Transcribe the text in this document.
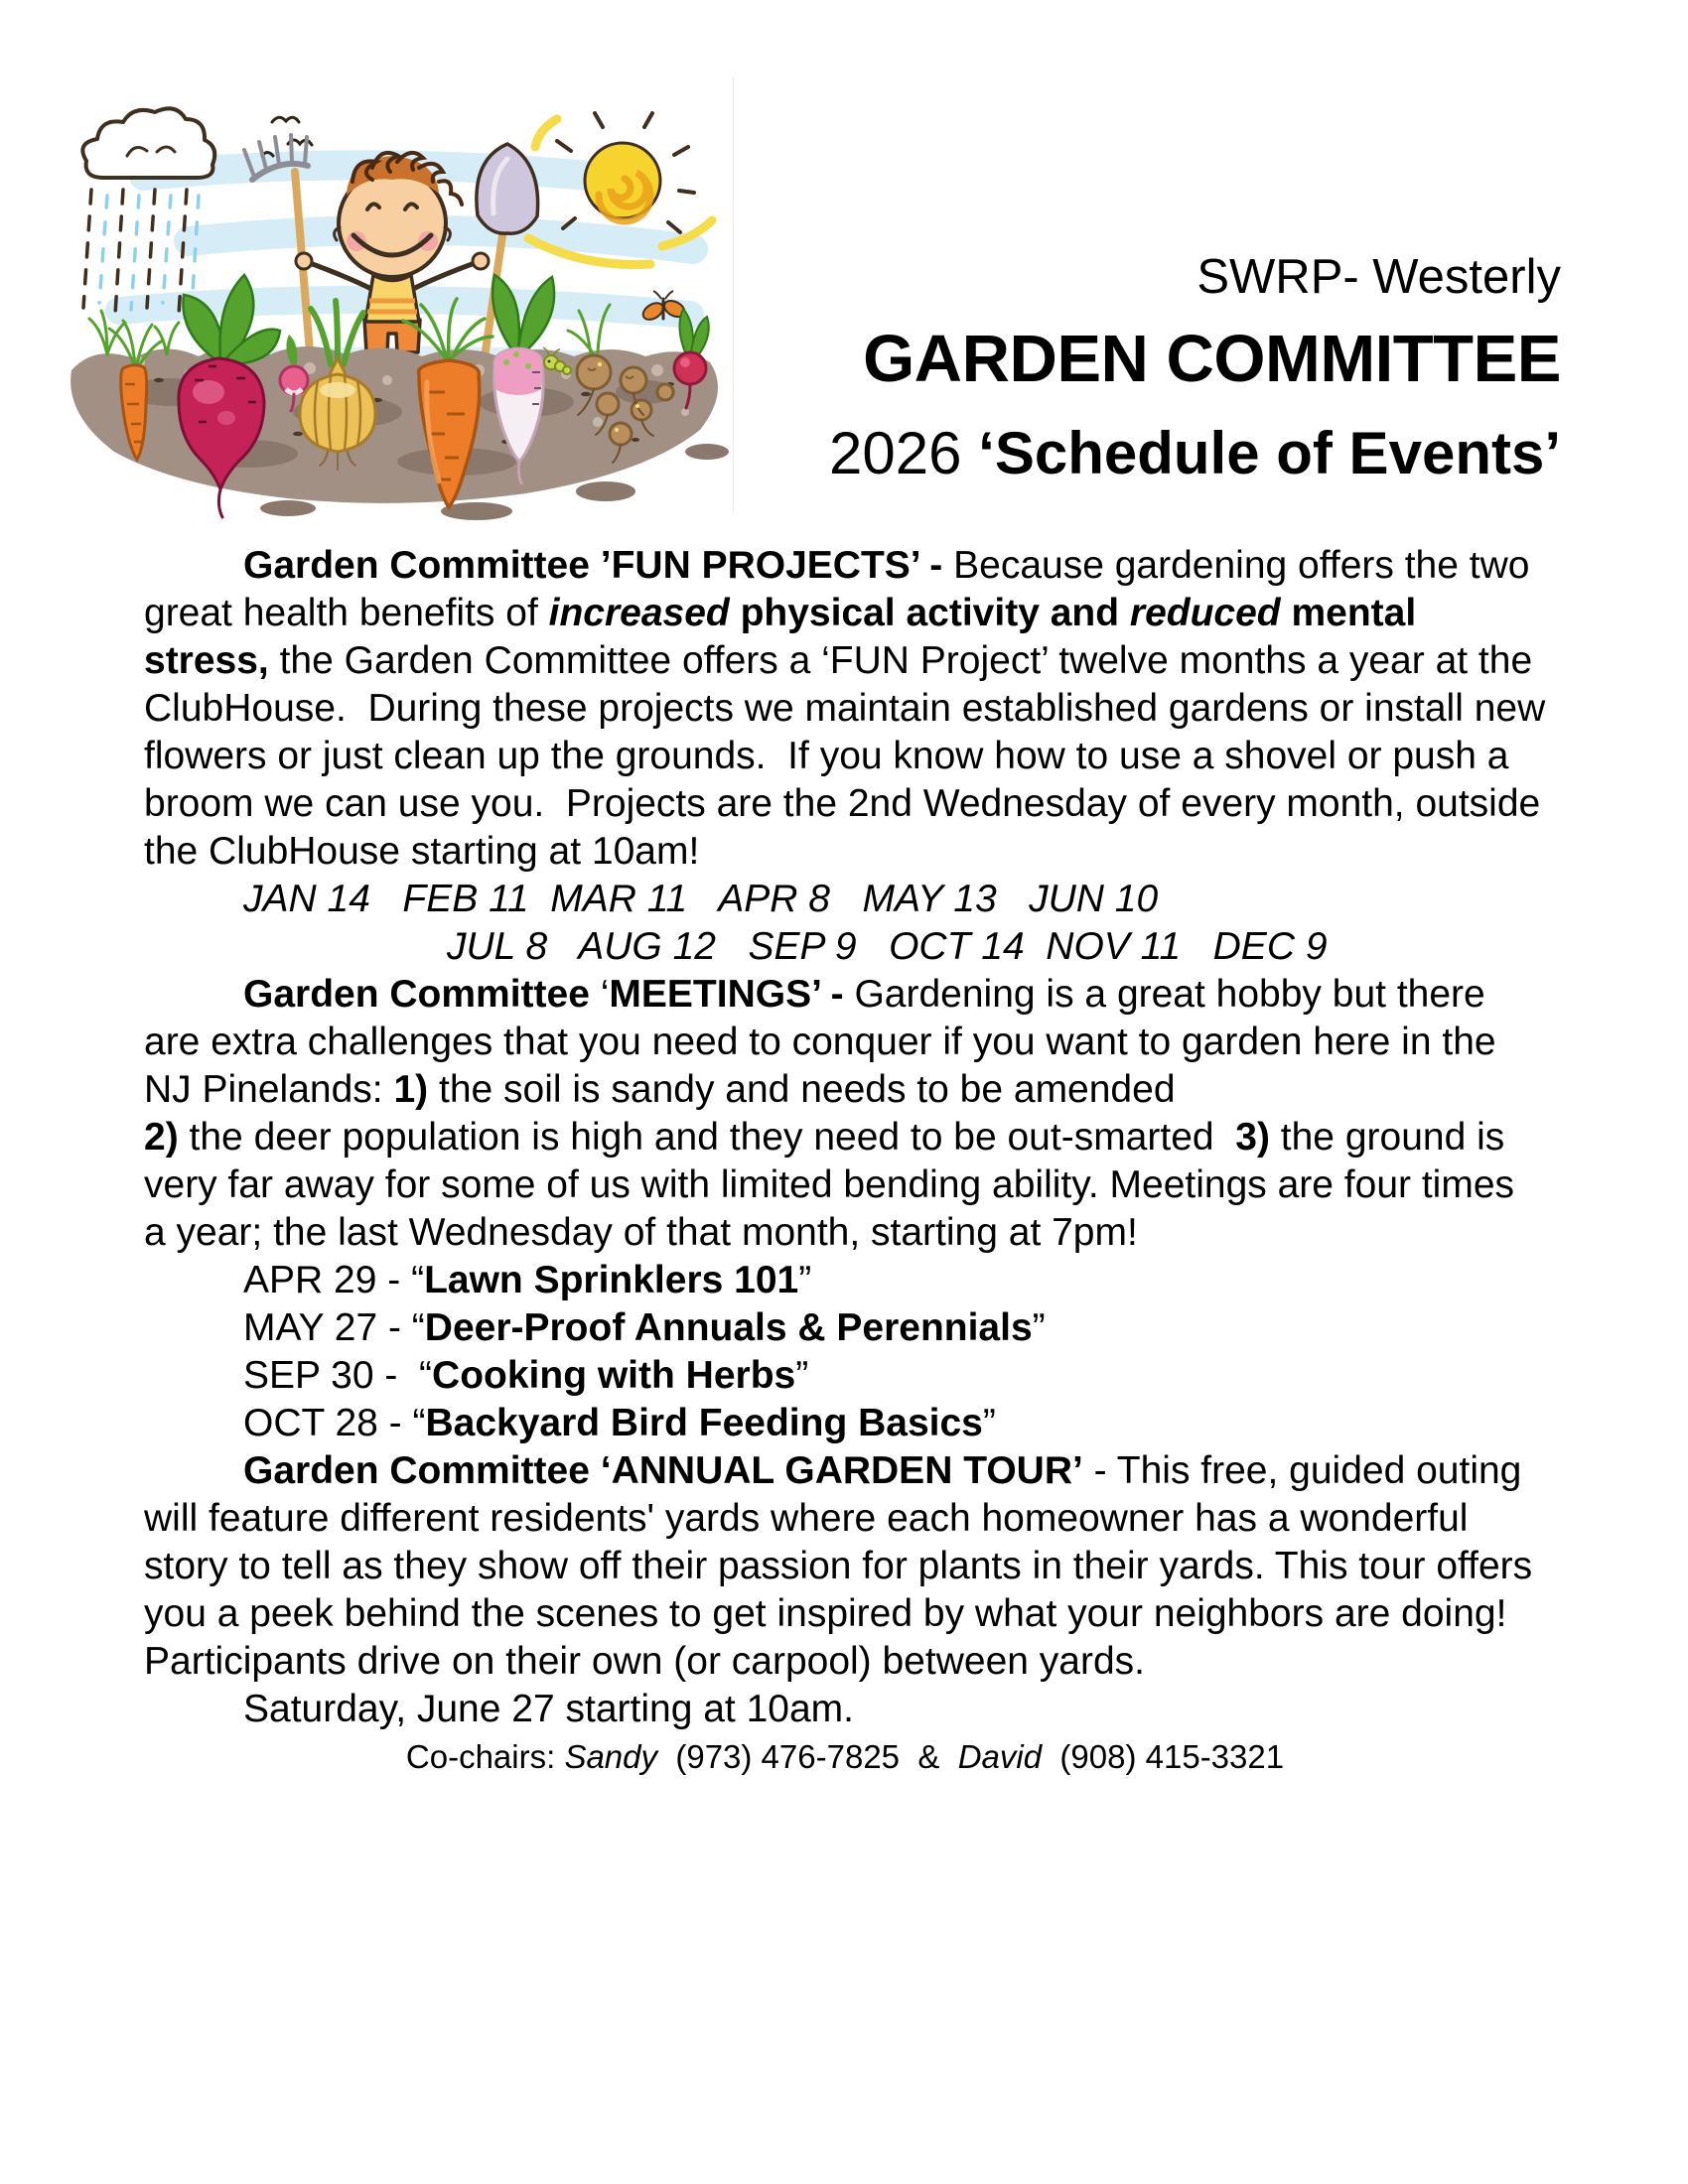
SWRP- Westerly
GARDEN COMMITTEE
2026 ‘Schedule of Events’

Garden Committee ’FUN PROJECTS’ - Because gardening offers the two great health benefits of increased physical activity and reduced mental stress, the Garden Committee offers a ‘FUN Project’ twelve months a year at the ClubHouse.  During these projects we maintain established gardens or install new flowers or just clean up the grounds.  If you know how to use a shovel or push a broom we can use you.  Projects are the 2nd Wednesday of every month, outside the ClubHouse starting at 10am!

JAN 14   FEB 11  MAR 11   APR 8   MAY 13   JUN 10

JUL 8   AUG 12   SEP 9   OCT 14  NOV 11   DEC 9

Garden Committee ‘MEETINGS’ - Gardening is a great hobby but there are extra challenges that you need to conquer if you want to garden here in the NJ Pinelands: 1) the soil is sandy and needs to be amended
2) the deer population is high and they need to be out-smarted  3) the ground is very far away for some of us with limited bending ability. Meetings are four times a year; the last Wednesday of that month, starting at 7pm!

APR 29 - “Lawn Sprinklers 101”

MAY 27 - “Deer-Proof Annuals & Perennials”

SEP 30 -  “Cooking with Herbs”

OCT 28 - “Backyard Bird Feeding Basics”

Garden Committee ‘ANNUAL GARDEN TOUR’ - This free, guided outing will feature different residents' yards where each homeowner has a wonderful story to tell as they show off their passion for plants in their yards. This tour offers you a peek behind the scenes to get inspired by what your neighbors are doing!  Participants drive on their own (or carpool) between yards.

Saturday, June 27 starting at 10am.

Co-chairs: Sandy  (973) 476-7825  &  David  (908) 415-3321
